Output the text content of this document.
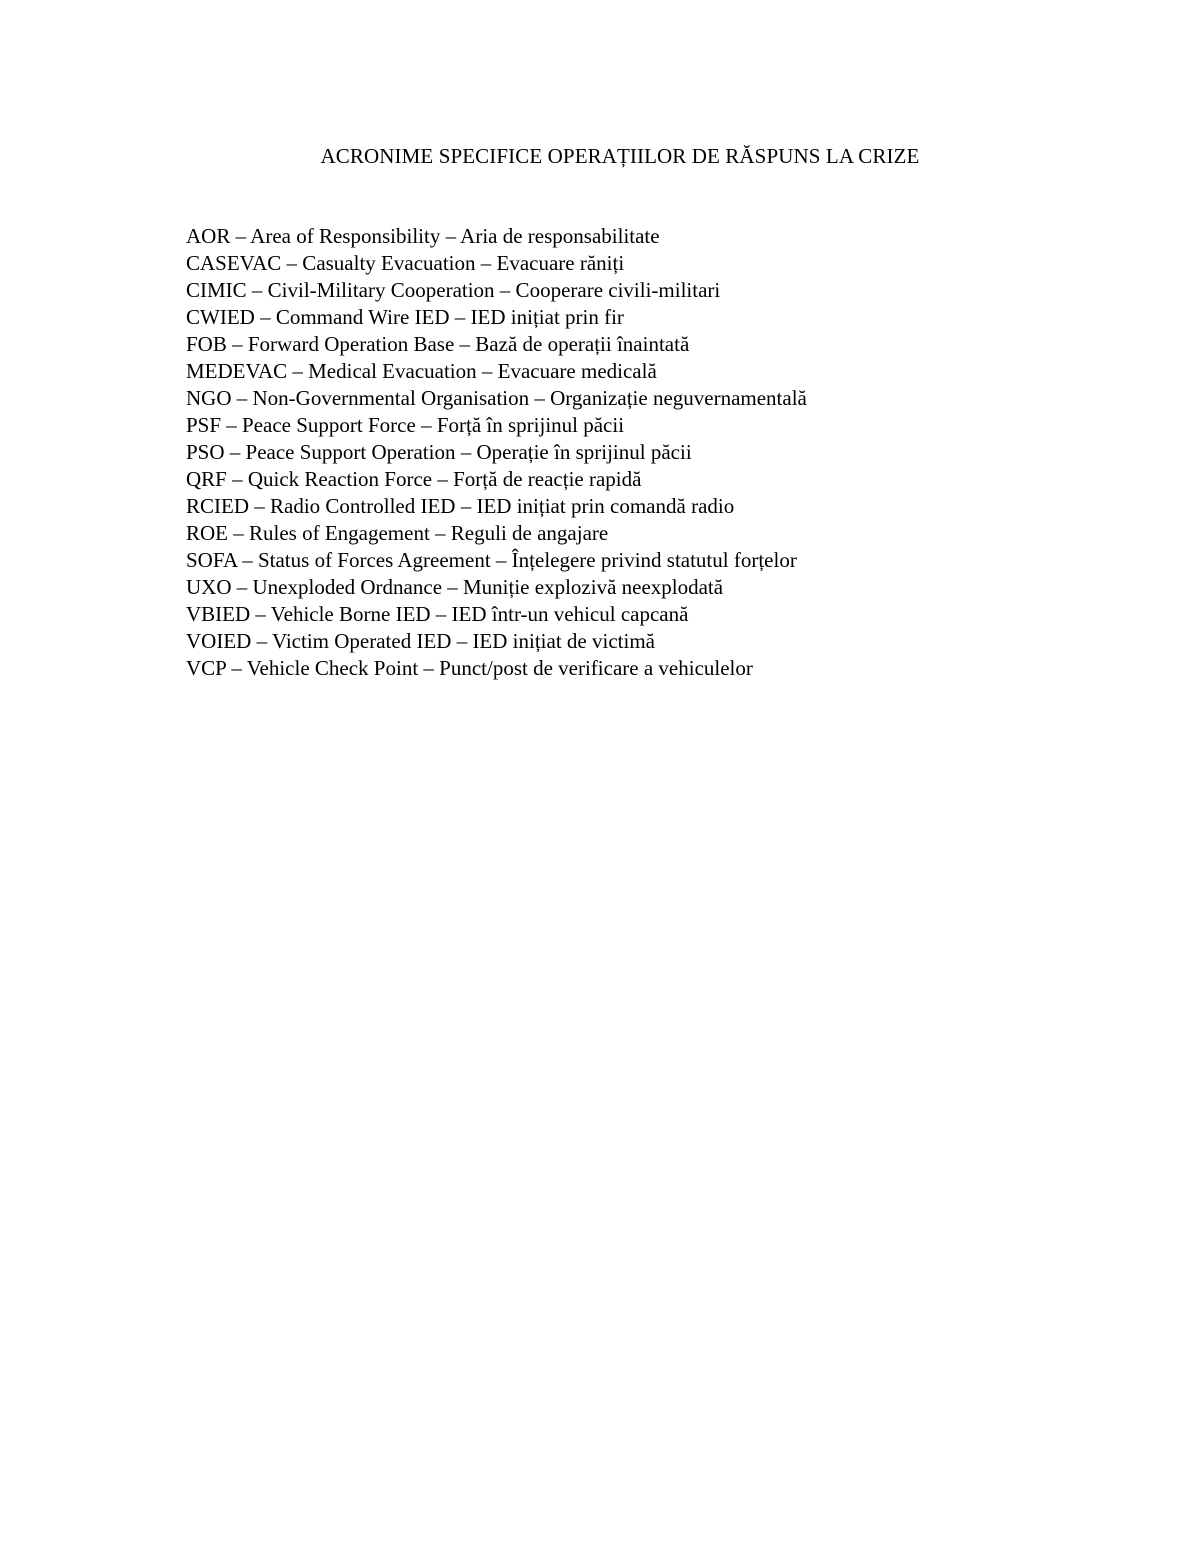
ACRONIME SPECIFICE OPERAȚIILOR DE RĂSPUNS LA CRIZE
AOR – Area of Responsibility – Aria de responsabilitate
CASEVAC – Casualty Evacuation – Evacuare răniți
CIMIC – Civil-Military Cooperation – Cooperare civili-militari
CWIED – Command Wire IED – IED inițiat prin fir
FOB – Forward Operation Base – Bază de operații înaintată
MEDEVAC – Medical Evacuation – Evacuare medicală
NGO – Non-Governmental Organisation – Organizație neguvernamentală
PSF – Peace Support Force – Forță în sprijinul păcii
PSO – Peace Support Operation – Operație în sprijinul păcii
QRF – Quick Reaction Force – Forță de reacție rapidă
RCIED – Radio Controlled IED – IED inițiat prin comandă radio
ROE – Rules of Engagement – Reguli de angajare
SOFA – Status of Forces Agreement – Înțelegere privind statutul forțelor
UXO – Unexploded Ordnance – Muniție explozivă neexplodată
VBIED – Vehicle Borne IED – IED într-un vehicul capcană
VOIED – Victim Operated IED – IED inițiat de victimă
VCP – Vehicle Check Point – Punct/post de verificare a vehiculelor
